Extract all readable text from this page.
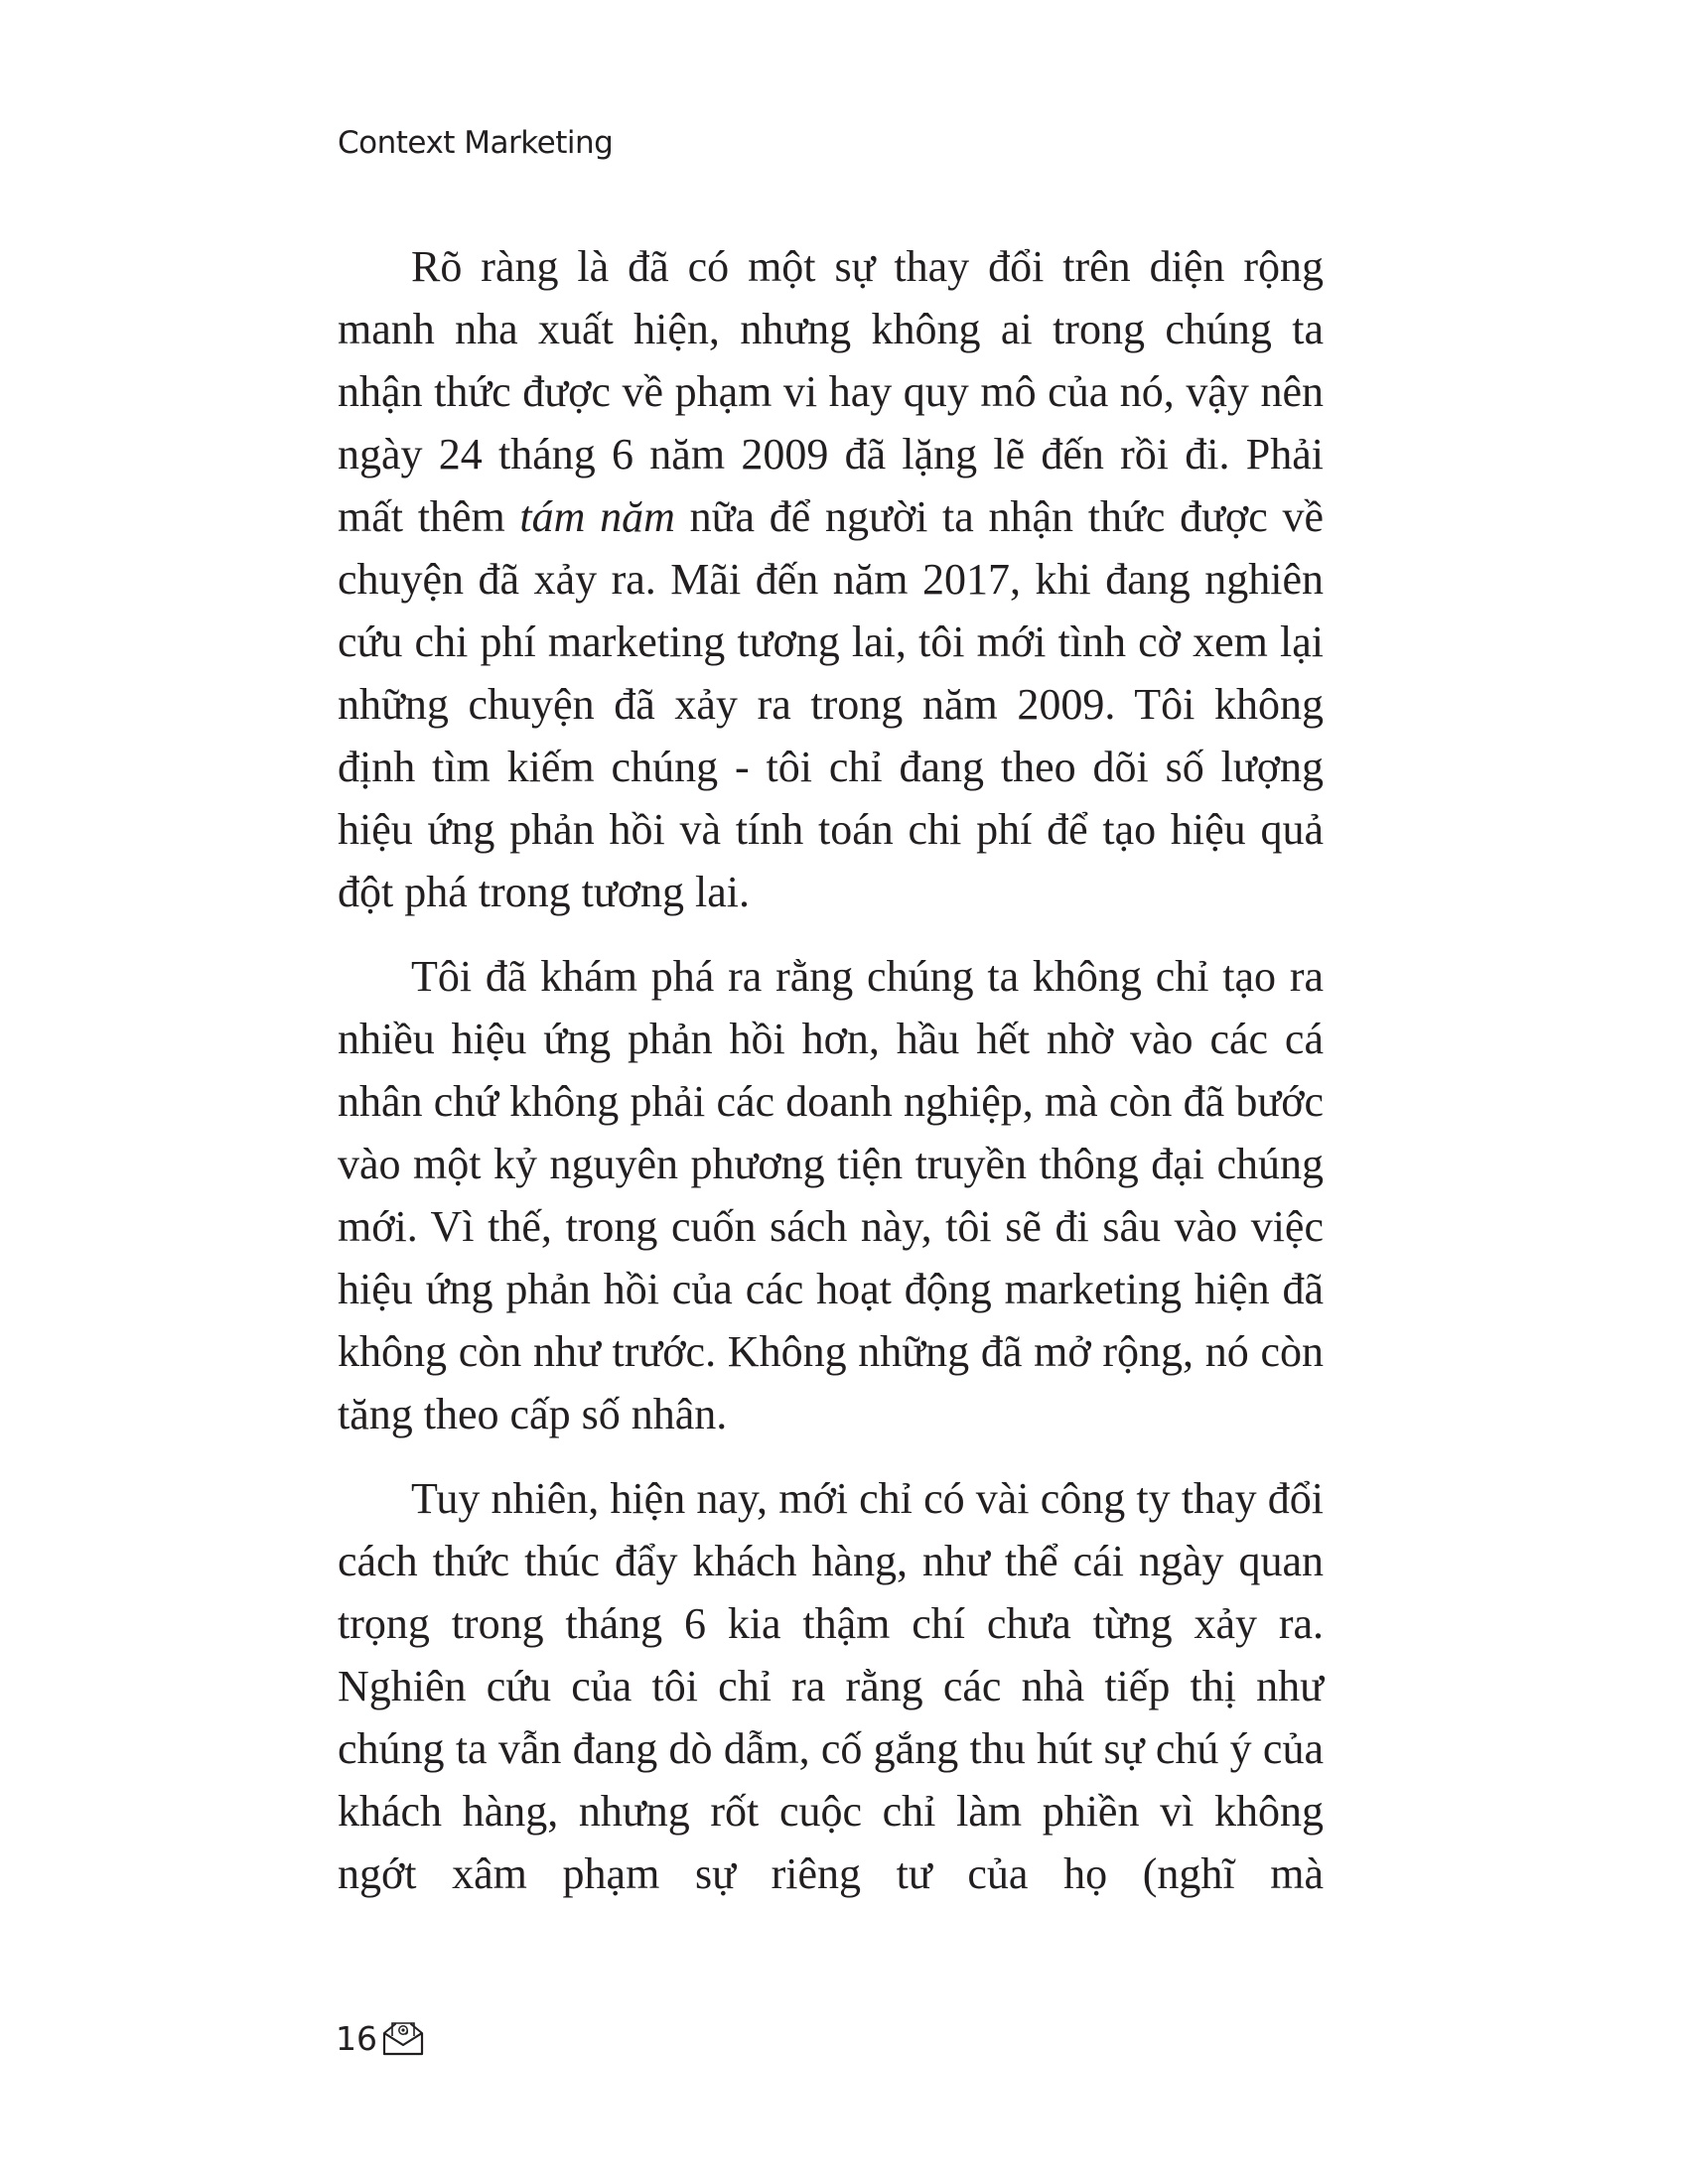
Context Marketing

Rõ ràng là đã có một sự thay đổi trên diện rộng manh nha xuất hiện, nhưng không ai trong chúng ta nhận thức được về phạm vi hay quy mô của nó, vậy nên ngày 24 tháng 6 năm 2009 đã lặng lẽ đến rồi đi. Phải mất thêm tám năm nữa để người ta nhận thức được về chuyện đã xảy ra. Mãi đến năm 2017, khi đang nghiên cứu chi phí marketing tương lai, tôi mới tình cờ xem lại những chuyện đã xảy ra trong năm 2009. Tôi không định tìm kiếm chúng - tôi chỉ đang theo dõi số lượng hiệu ứng phản hồi và tính toán chi phí để tạo hiệu quả đột phá trong tương lai.

Tôi đã khám phá ra rằng chúng ta không chỉ tạo ra nhiều hiệu ứng phản hồi hơn, hầu hết nhờ vào các cá nhân chứ không phải các doanh nghiệp, mà còn đã bước vào một kỷ nguyên phương tiện truyền thông đại chúng mới. Vì thế, trong cuốn sách này, tôi sẽ đi sâu vào việc hiệu ứng phản hồi của các hoạt động marketing hiện đã không còn như trước. Không những đã mở rộng, nó còn tăng theo cấp số nhân.

Tuy nhiên, hiện nay, mới chỉ có vài công ty thay đổi cách thức thúc đẩy khách hàng, như thể cái ngày quan trọng trong tháng 6 kia thậm chí chưa từng xảy ra. Nghiên cứu của tôi chỉ ra rằng các nhà tiếp thị như chúng ta vẫn đang dò dẫm, cố gắng thu hút sự chú ý của khách hàng, nhưng rốt cuộc chỉ làm phiền vì không ngớt xâm phạm sự riêng tư của họ (nghĩ mà

16
